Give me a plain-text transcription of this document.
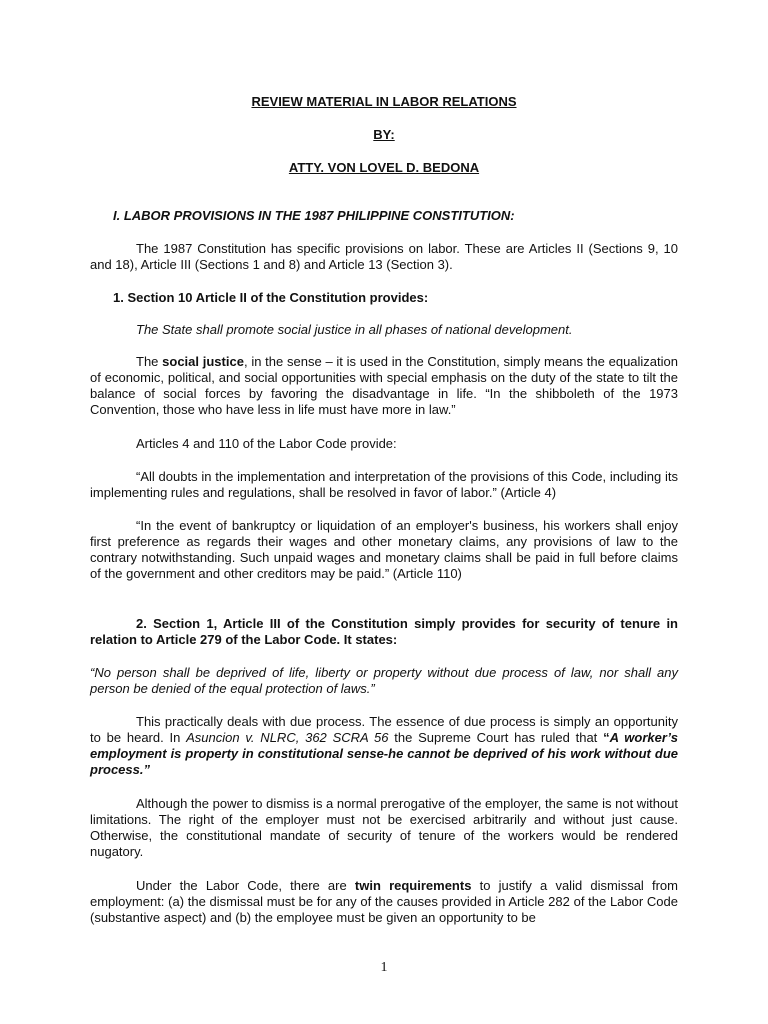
REVIEW MATERIAL IN LABOR RELATIONS
BY:
ATTY. VON LOVEL D. BEDONA
I. LABOR PROVISIONS IN THE 1987 PHILIPPINE CONSTITUTION:

The 1987 Constitution has specific provisions on labor. These are Articles II (Sections 9, 10 and 18), Article III (Sections 1 and 8) and Article 13 (Section 3).

1. Section 10 Article II of the Constitution provides:
The State shall promote social justice in all phases of national development.

The social justice, in the sense – it is used in the Constitution, simply means the equalization of economic, political, and social opportunities with special emphasis on the duty of the state to tilt the balance of social forces by favoring the disadvantage in life. “In the shibboleth of the 1973 Convention, those who have less in life must have more in law.”

Articles 4 and 110 of the Labor Code provide:

“All doubts in the implementation and interpretation of the provisions of this Code, including its implementing rules and regulations, shall be resolved in favor of labor.” (Article 4)

“In the event of bankruptcy or liquidation of an employer's business, his workers shall enjoy first preference as regards their wages and other monetary claims, any provisions of law to the contrary notwithstanding. Such unpaid wages and monetary claims shall be paid in full before claims of the government and other creditors may be paid.” (Article 110)

2. Section 1, Article III of the Constitution simply provides for security of tenure in relation to Article 279 of the Labor Code. It states:

“No person shall be deprived of life, liberty or property without due process of law, nor shall any person be denied of the equal protection of laws.”

This practically deals with due process. The essence of due process is simply an opportunity to be heard. In Asuncion v. NLRC, 362 SCRA 56 the Supreme Court has ruled that “A worker’s employment is property in constitutional sense-he cannot be deprived of his work without due process.”

Although the power to dismiss is a normal prerogative of the employer, the same is not without limitations. The right of the employer must not be exercised arbitrarily and without just cause. Otherwise, the constitutional mandate of security of tenure of the workers would be rendered nugatory.

Under the Labor Code, there are twin requirements to justify a valid dismissal from employment: (a) the dismissal must be for any of the causes provided in Article 282 of the Labor Code (substantive aspect) and (b) the employee must be given an opportunity to be

1
